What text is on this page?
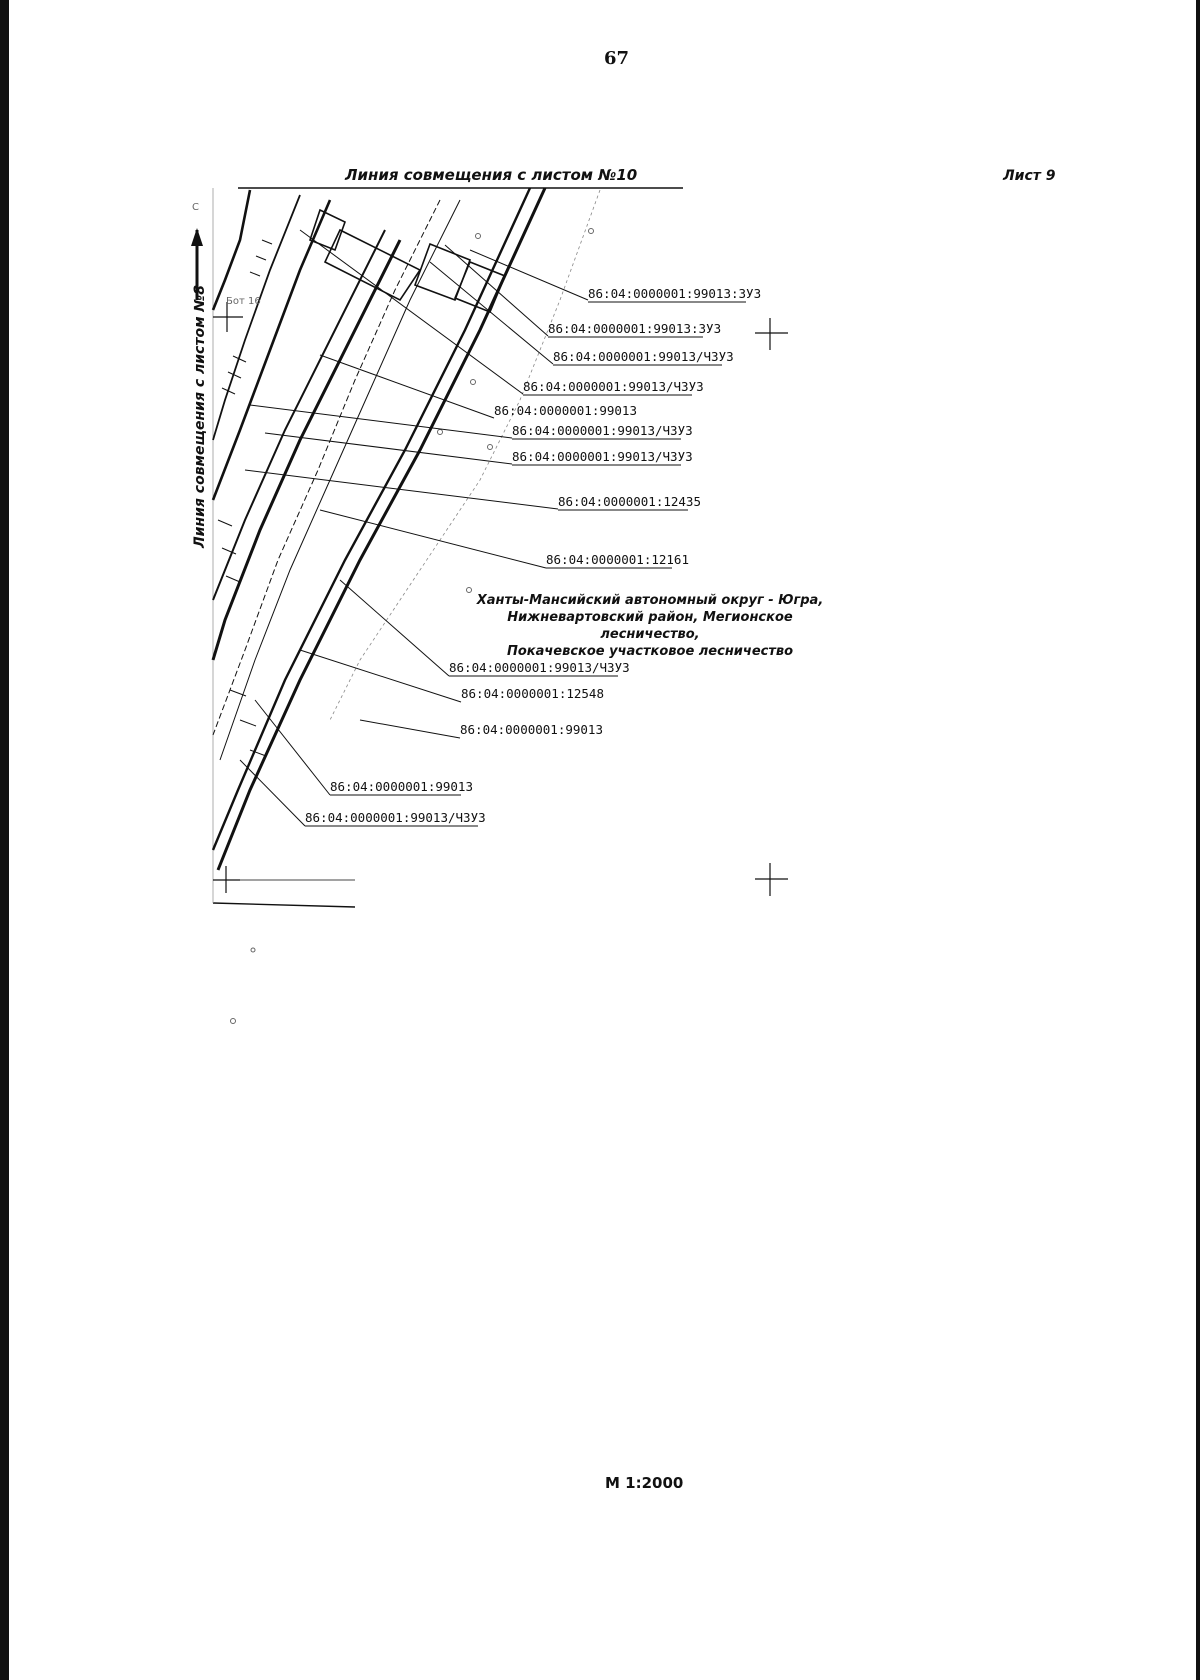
67
Лист 9
Линия совмещения с листом №10
Линия совмещения с листом №8
Ханты-Мансийский автономный округ - Югра,
Нижневартовский район, Мегионское лесничество,
Покачевское участковое лесничество
М 1:2000
C
Бот 16
86:04:0000001:99013:3У3
86:04:0000001:99013:3У3
86:04:0000001:99013/ЧЗУ3
86:04:0000001:99013/ЧЗУ3
86:04:0000001:99013
86:04:0000001:99013/ЧЗУ3
86:04:0000001:99013/ЧЗУ3
86:04:0000001:12435
86:04:0000001:12161
86:04:0000001:99013/ЧЗУ3
86:04:0000001:12548
86:04:0000001:99013
86:04:0000001:99013
86:04:0000001:99013/ЧЗУ3
